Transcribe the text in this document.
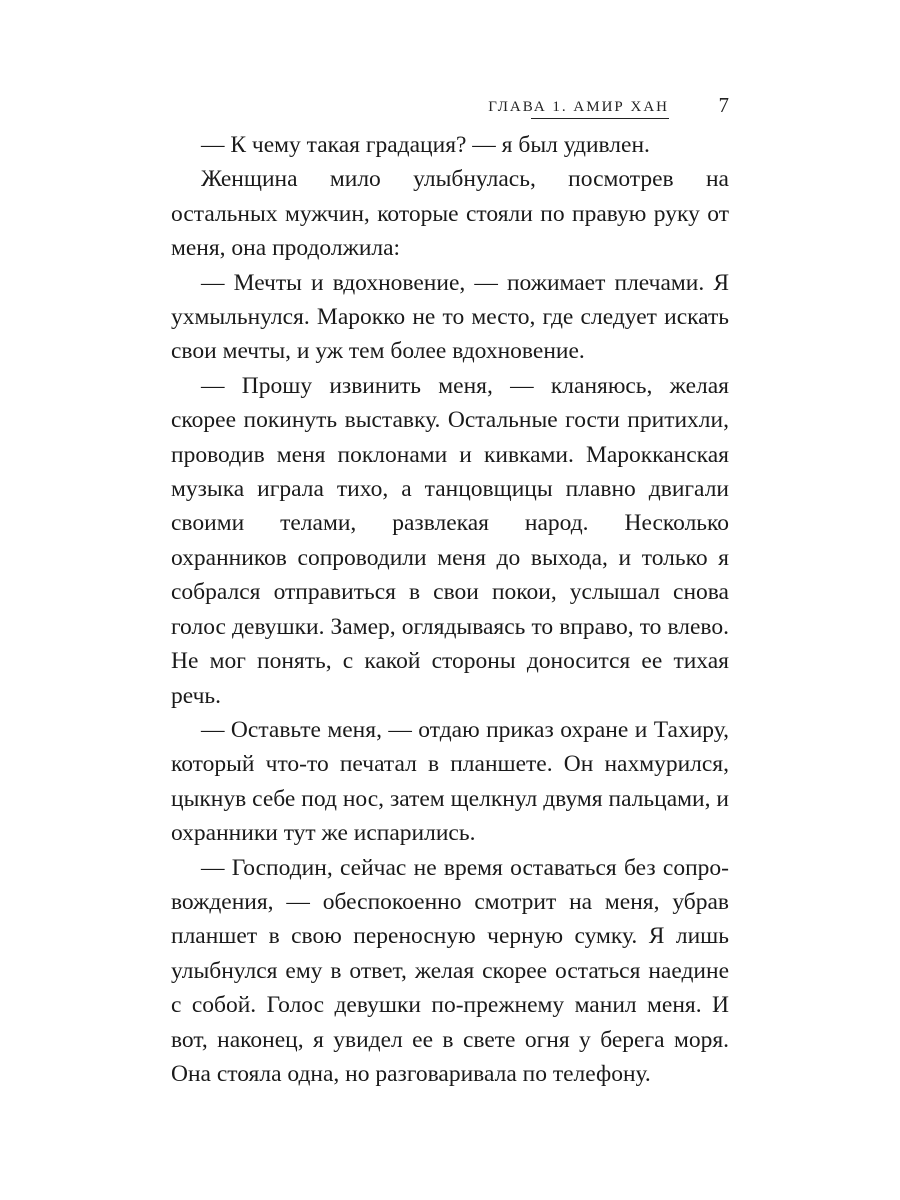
ГЛАВА 1. АМИР ХАН 7

— К чему такая градация? — я был удивлен.

Женщина мило улыбнулась, посмотрев на остальных мужчин, которые стояли по правую руку от меня, она продолжила:

— Мечты и вдохновение, — пожимает плечами. Я ухмыльнулся. Марокко не то место, где следует искать свои мечты, и уж тем более вдохновение.

— Прошу извинить меня, — кланяюсь, желая скорее покинуть выставку. Остальные гости притихли, проводив меня поклонами и кивками. Марокканская музыка играла тихо, а танцовщицы плавно двигали своими телами, развлекая народ. Несколько охранников сопроводили меня до выхода, и только я собрался отправиться в свои покои, услышал снова голос девушки. Замер, оглядываясь то вправо, то влево. Не мог понять, с какой стороны доносится ее тихая речь.

— Оставьте меня, — отдаю приказ охране и Тахиру, который что-то печатал в планшете. Он нахмурился, цыкнув себе под нос, затем щелкнул двумя пальцами, и охранники тут же испарились.

— Господин, сейчас не время оставаться без сопровождения, — обеспокоенно смотрит на меня, убрав планшет в свою переносную черную сумку. Я лишь улыбнулся ему в ответ, желая скорее остаться наедине с собой. Голос девушки по-прежнему манил меня. И вот, наконец, я увидел ее в свете огня у берега моря. Она стояла одна, но разговаривала по телефону.
